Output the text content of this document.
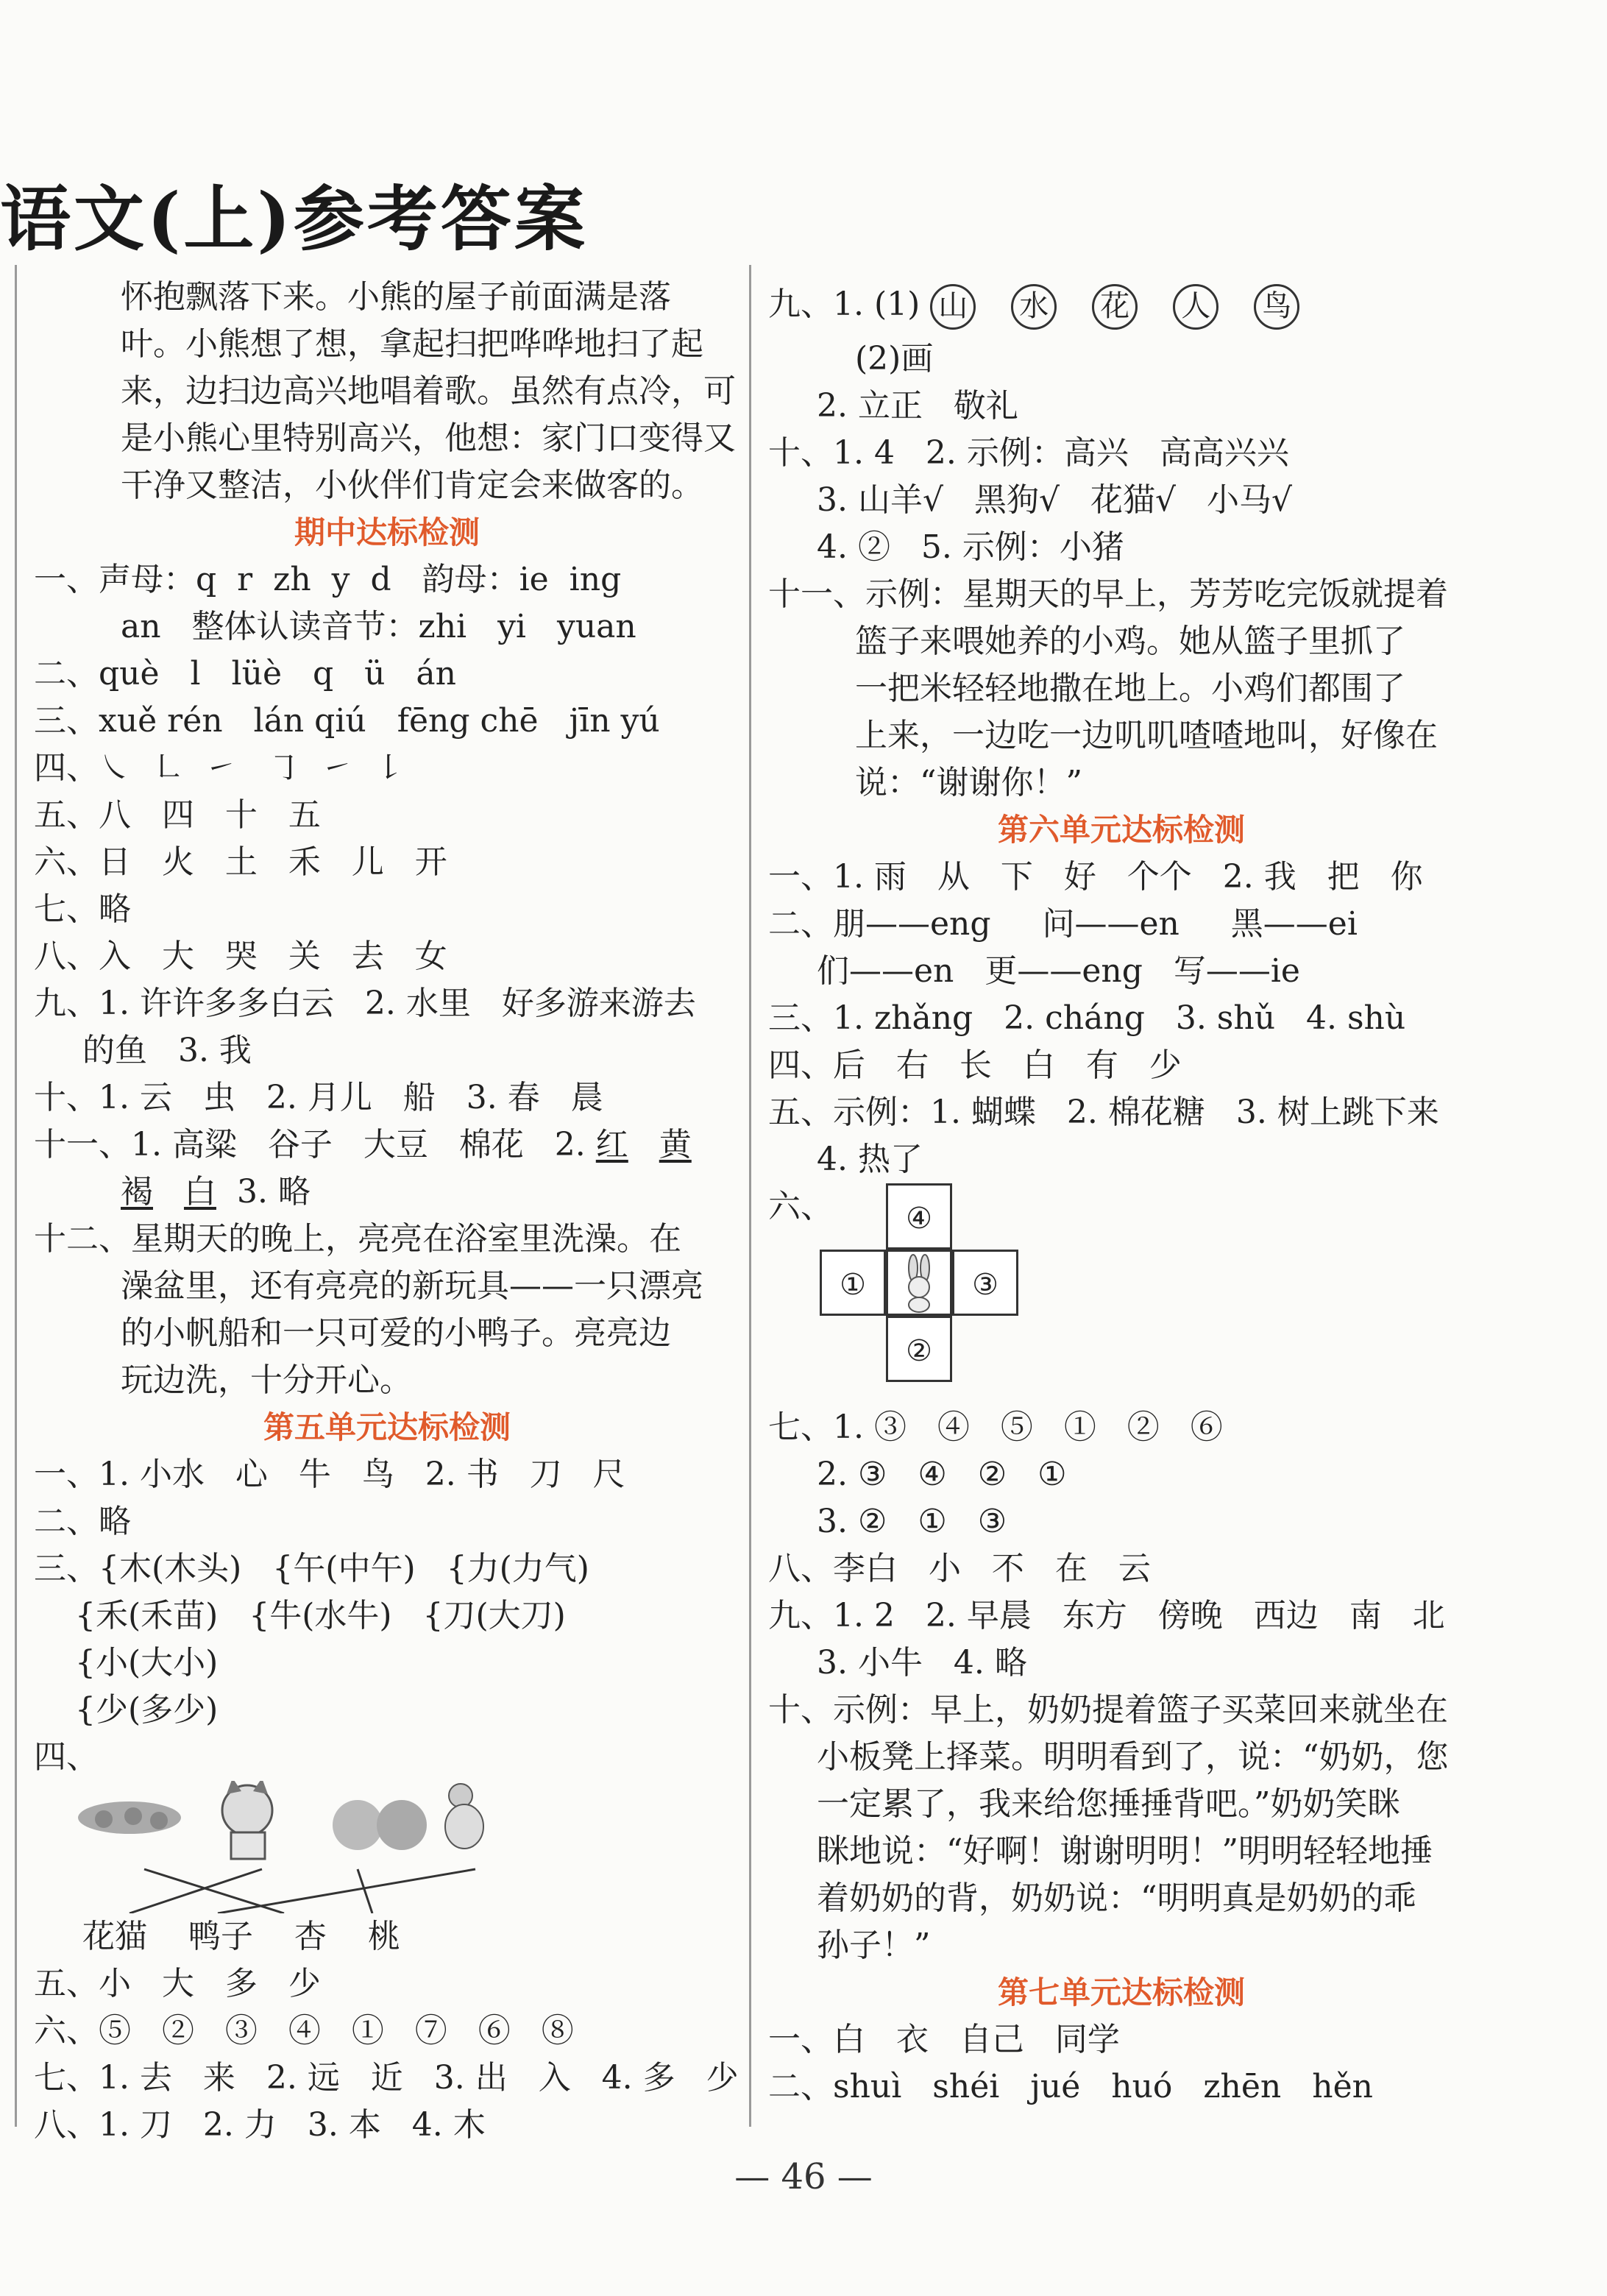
语文(上)参考答案
怀抱飘落下来。小熊的屋子前面满是落
叶。小熊想了想，拿起扫把哗哗地扫了起
来，边扫边高兴地唱着歌。虽然有点冷，可
是小熊心里特别高兴，他想：家门口变得又
干净又整洁，小伙伴们肯定会来做客的。
期中达标检测
一、声母：q  r  zh  y  d   韵母：ie  ing
an   整体认读音节：zhi   yi   yuan
二、què   l   lüè   q   ü   án
三、xuě rén   lán qiú   fēng chē   jīn yú
四、㇏  ㇗  ㇀   ㇆  ㇀  ㇙
五、八   四   十   五
六、日   火   土   禾   儿   开
七、略
八、入   大   哭   关   去   女
九、1. 许许多多白云   2. 水里   好多游来游去
的鱼   3. 我
十、1. 云   虫   2. 月儿   船   3. 春   晨
十一、1. 高粱   谷子   大豆   棉花   2. 红 黄
褐 白 3. 略
十二、星期天的晚上，亮亮在浴室里洗澡。在
澡盆里，还有亮亮的新玩具——一只漂亮
的小帆船和一只可爱的小鸭子。亮亮边
玩边洗，十分开心。
第五单元达标检测
一、1. 小水   心   牛   鸟   2. 书   刀   尺
二、略
三、{木(木头)   {午(中午)   {力(力气)
{禾(禾苗)   {牛(水牛)   {刀(大刀)
{小(大小)
{少(多少)
四、
花猫 鸭子 杏 桃
五、小   大   多   少
六、⑤   ②   ③   ④   ①   ⑦   ⑥   ⑧
七、1. 去   来   2. 远   近   3. 出   入   4. 多   少
八、1. 刀   2. 力   3. 本   4. 木
九、1. (1) 山 水 花 人 鸟
(2)画
2. 立正   敬礼
十、1. 4   2. 示例：高兴   高高兴兴
3. 山羊√   黑狗√   花猫√   小马√
4. ②   5. 示例：小猪
十一、示例：星期天的早上，芳芳吃完饭就提着
篮子来喂她养的小鸡。她从篮子里抓了
一把米轻轻地撒在地上。小鸡们都围了
上来，一边吃一边叽叽喳喳地叫，好像在
说：“谢谢你！”
第六单元达标检测
一、1. 雨   从   下   好   个个   2. 我   把   你
二、朋——eng     问——en     黑——ei
们——en   更——eng   写——ie
三、1. zhǎng   2. cháng   3. shǔ   4. shù
四、后   右   长   白   有   少
五、示例：1. 蝴蝶   2. 棉花糖   3. 树上跳下来
4. 热了
六、	④
①	③
②
七、1. ③   ④   ⑤   ①   ②   ⑥
2. ③   ④   ②   ①
3. ②   ①   ③
八、李白   小   不   在   云
九、1. 2   2. 早晨   东方   傍晚   西边   南   北
3. 小牛   4. 略
十、示例：早上，奶奶提着篮子买菜回来就坐在
小板凳上择菜。明明看到了，说：“奶奶，您
一定累了，我来给您捶捶背吧。”奶奶笑眯
眯地说：“好啊！谢谢明明！”明明轻轻地捶
着奶奶的背，奶奶说：“明明真是奶奶的乖
孙子！”
第七单元达标检测
一、白   衣   自己   同学
二、shuì   shéi   jué   huó   zhēn   hěn
— 46 —
